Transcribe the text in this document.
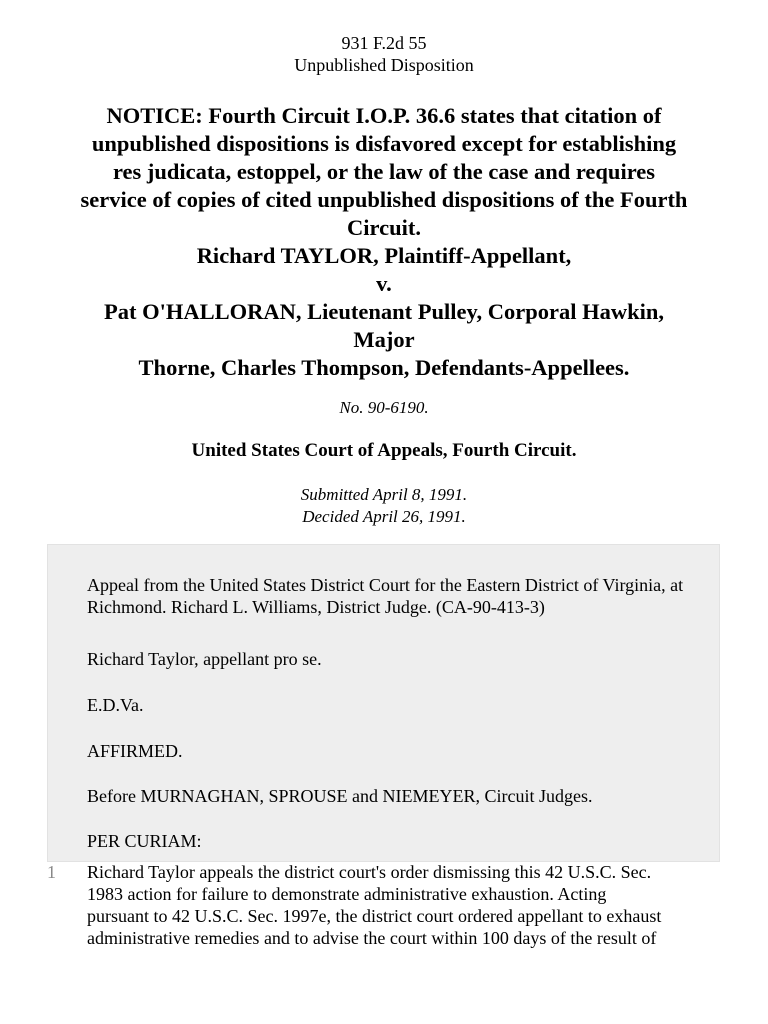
931 F.2d 55
Unpublished Disposition
NOTICE: Fourth Circuit I.O.P. 36.6 states that citation of
unpublished dispositions is disfavored except for establishing
res judicata, estoppel, or the law of the case and requires
service of copies of cited unpublished dispositions of the Fourth
Circuit.
Richard TAYLOR, Plaintiff-Appellant,
v.
Pat O'HALLORAN, Lieutenant Pulley, Corporal Hawkin,
Major
Thorne, Charles Thompson, Defendants-Appellees.
No. 90-6190.
United States Court of Appeals, Fourth Circuit.
Submitted April 8, 1991.
Decided April 26, 1991.

Appeal from the United States District Court for the Eastern District of Virginia, at Richmond. Richard L. Williams, District Judge. (CA-90-413-3)

Richard Taylor, appellant pro se.

E.D.Va.

AFFIRMED.

Before MURNAGHAN, SPROUSE and NIEMEYER, Circuit Judges.

PER CURIAM:

1 Richard Taylor appeals the district court's order dismissing this 42 U.S.C. Sec.
1983 action for failure to demonstrate administrative exhaustion. Acting
pursuant to 42 U.S.C. Sec. 1997e, the district court ordered appellant to exhaust
administrative remedies and to advise the court within 100 days of the result of
